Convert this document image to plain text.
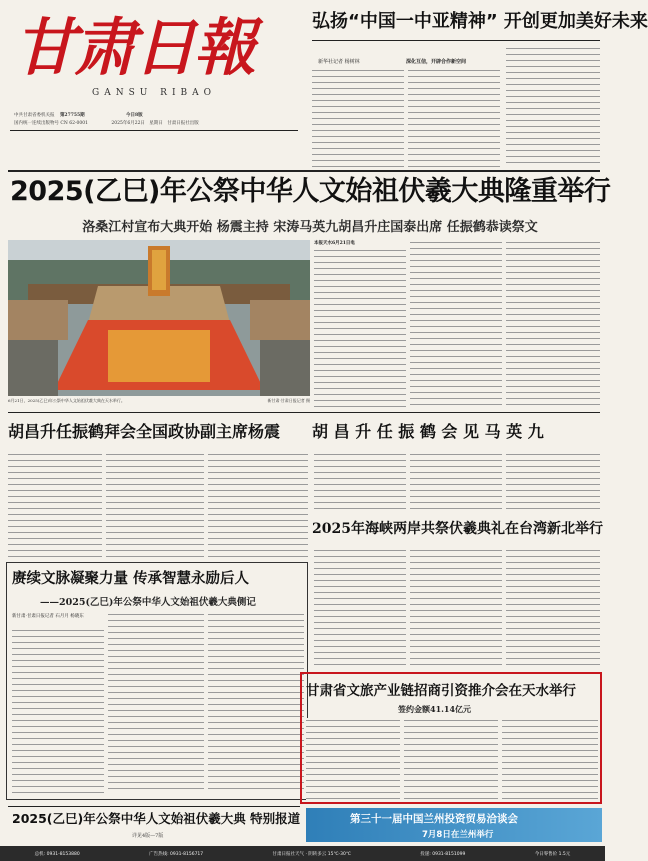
甘肃日報
GANSU RIBAO
中共甘肃省委机关报 第27755期	今日8版
国内统一连续出版物号 CN 62-0001	2025年6月22日 星期日 甘肃日报社出版
弘扬“中国一中亚精神” 开创更加美好未来
新华社记者 杨树林	深化互信，开辟合作新空间
2025(乙巳)年公祭中华人文始祖伏羲大典隆重举行
洛桑江村宣布大典开始 杨震主持 宋涛马英九胡昌升庄国泰出席 任振鹤恭读祭文
6月21日，2025(乙巳)年公祭中华人文始祖伏羲大典在天水举行。	新甘肃·甘肃日报记者 摄
本报天水6月21日电
胡昌升任振鹤拜会全国政协副主席杨震	胡 昌 升 任 振 鹤 会 见 马 英 九
2025年海峡两岸共祭伏羲典礼在台湾新北举行
赓续文脉凝聚力量 传承智慧永励后人
——2025(乙巳)年公祭中华人文始祖伏羲大典侧记
新甘肃·甘肃日报记者 石月月 杨晓东
甘肃省文旅产业链招商引资推介会在天水举行
签约金额41.14亿元
2025(乙巳)年公祭中华人文始祖伏羲大典 特别报道
详见4版—7版
第三十一届中国兰州投资贸易洽谈会
7月8日在兰州举行
总机: 0931-8153880	广告热线: 0931-8156717	甘肃日报社天气 · 阴转多云 15℃-30℃	投递: 0931-8151099	今日零售价 1.5元
